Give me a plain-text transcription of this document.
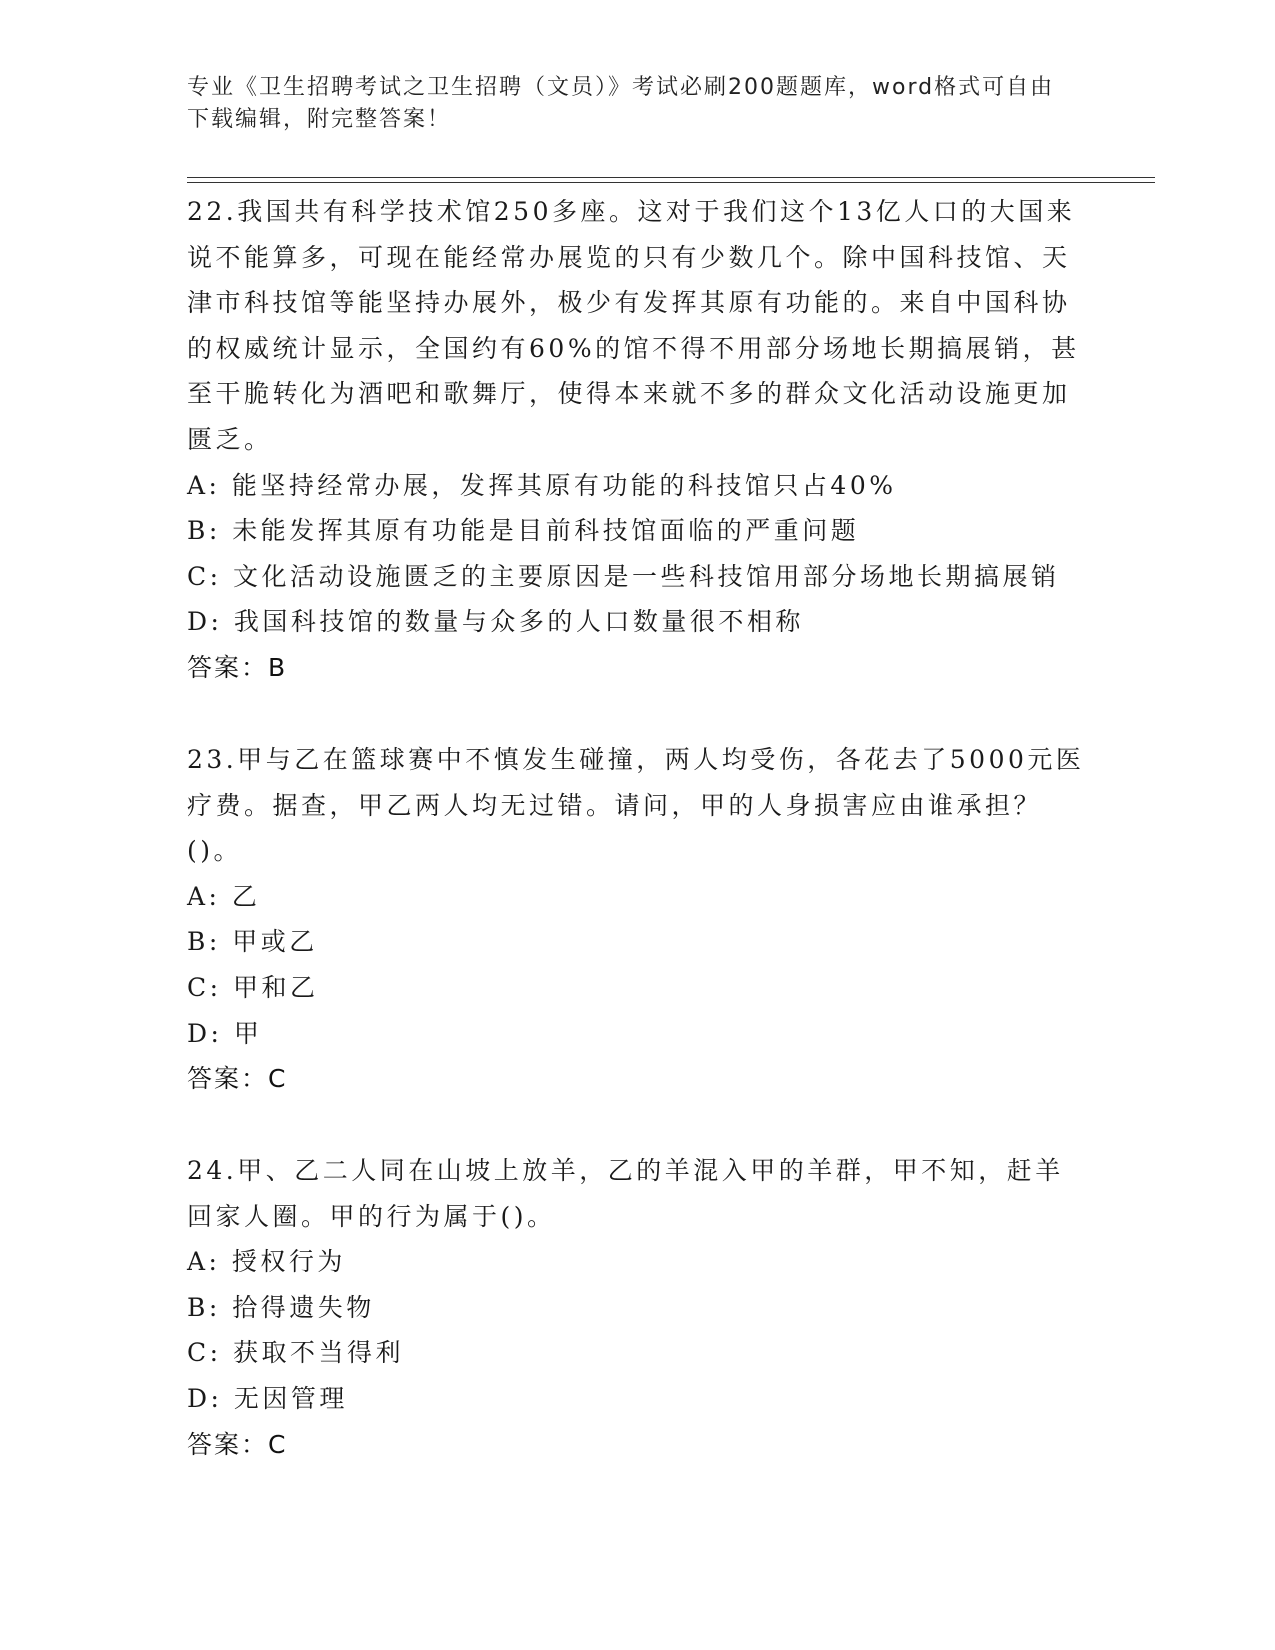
专业《卫生招聘考试之卫生招聘（文员）》考试必刷200题题库，word格式可自由下载编辑，附完整答案！

22.我国共有科学技术馆250多座。这对于我们这个13亿人口的大国来说不能算多，可现在能经常办展览的只有少数几个。除中国科技馆、天津市科技馆等能坚持办展外，极少有发挥其原有功能的。来自中国科协的权威统计显示，全国约有60%的馆不得不用部分场地长期搞展销，甚至干脆转化为酒吧和歌舞厅，使得本来就不多的群众文化活动设施更加匮乏。

A: 能坚持经常办展，发挥其原有功能的科技馆只占40%

B: 未能发挥其原有功能是目前科技馆面临的严重问题

C: 文化活动设施匮乏的主要原因是一些科技馆用部分场地长期搞展销

D: 我国科技馆的数量与众多的人口数量很不相称

答案：B

23.甲与乙在篮球赛中不慎发生碰撞，两人均受伤，各花去了5000元医疗费。据查，甲乙两人均无过错。请问，甲的人身损害应由谁承担？()。

A: 乙

B: 甲或乙

C: 甲和乙

D: 甲

答案：C

24.甲、乙二人同在山坡上放羊，乙的羊混入甲的羊群，甲不知，赶羊回家人圈。甲的行为属于()。

A: 授权行为

B: 拾得遗失物

C: 获取不当得利

D: 无因管理

答案：C
